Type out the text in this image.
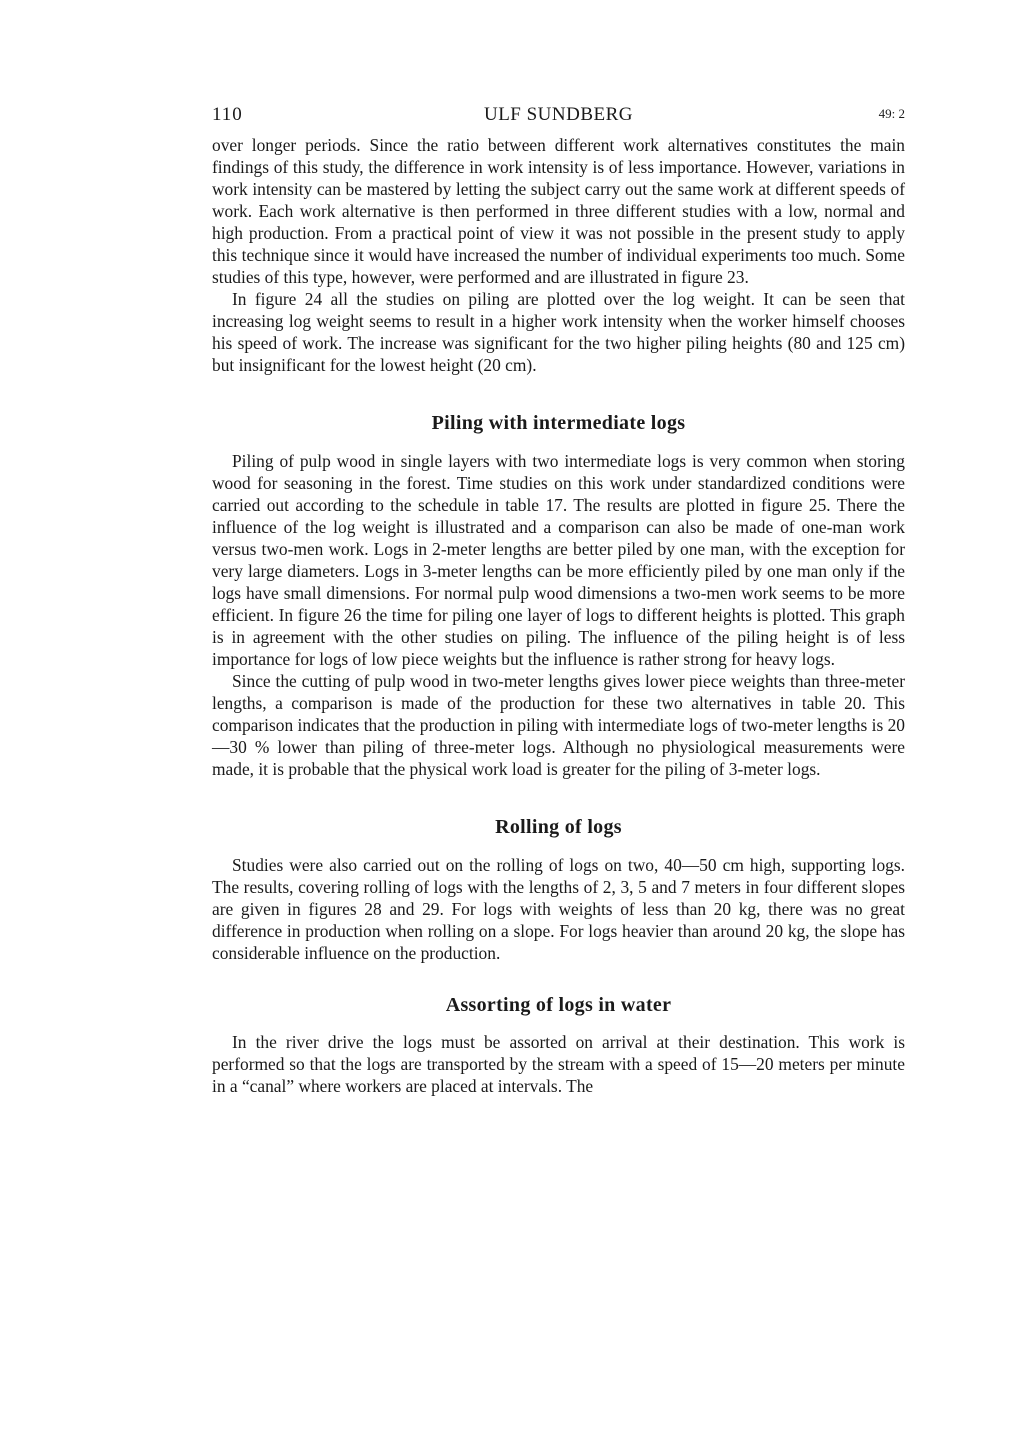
110	ULF SUNDBERG	49: 2

over longer periods. Since the ratio between different work alternatives constitutes the main findings of this study, the difference in work intensity is of less importance. However, variations in work intensity can be mastered by letting the subject carry out the same work at different speeds of work. Each work alternative is then performed in three different studies with a low, normal and high production. From a practical point of view it was not possible in the present study to apply this technique since it would have increased the number of individual experiments too much. Some studies of this type, however, were performed and are illustrated in figure 23.

In figure 24 all the studies on piling are plotted over the log weight. It can be seen that increasing log weight seems to result in a higher work intensity when the worker himself chooses his speed of work. The increase was significant for the two higher piling heights (80 and 125 cm) but insignificant for the lowest height (20 cm).

Piling with intermediate logs

Piling of pulp wood in single layers with two intermediate logs is very common when storing wood for seasoning in the forest. Time studies on this work under standardized conditions were carried out according to the schedule in table 17. The results are plotted in figure 25. There the influence of the log weight is illustrated and a comparison can also be made of one-man work versus two-men work. Logs in 2-meter lengths are better piled by one man, with the exception for very large diameters. Logs in 3-meter lengths can be more efficiently piled by one man only if the logs have small dimensions. For normal pulp wood dimensions a two-men work seems to be more efficient. In figure 26 the time for piling one layer of logs to different heights is plotted. This graph is in agreement with the other studies on piling. The influence of the piling height is of less importance for logs of low piece weights but the influence is rather strong for heavy logs.

Since the cutting of pulp wood in two-meter lengths gives lower piece weights than three-meter lengths, a comparison is made of the production for these two alternatives in table 20. This comparison indicates that the production in piling with intermediate logs of two-meter lengths is 20—30 % lower than piling of three-meter logs. Although no physiological measurements were made, it is probable that the physical work load is greater for the piling of 3-meter logs.

Rolling of logs

Studies were also carried out on the rolling of logs on two, 40—50 cm high, supporting logs. The results, covering rolling of logs with the lengths of 2, 3, 5 and 7 meters in four different slopes are given in figures 28 and 29. For logs with weights of less than 20 kg, there was no great difference in production when rolling on a slope. For logs heavier than around 20 kg, the slope has considerable influence on the production.

Assorting of logs in water

In the river drive the logs must be assorted on arrival at their destination. This work is performed so that the logs are transported by the stream with a speed of 15—20 meters per minute in a “canal” where workers are placed at intervals. The
